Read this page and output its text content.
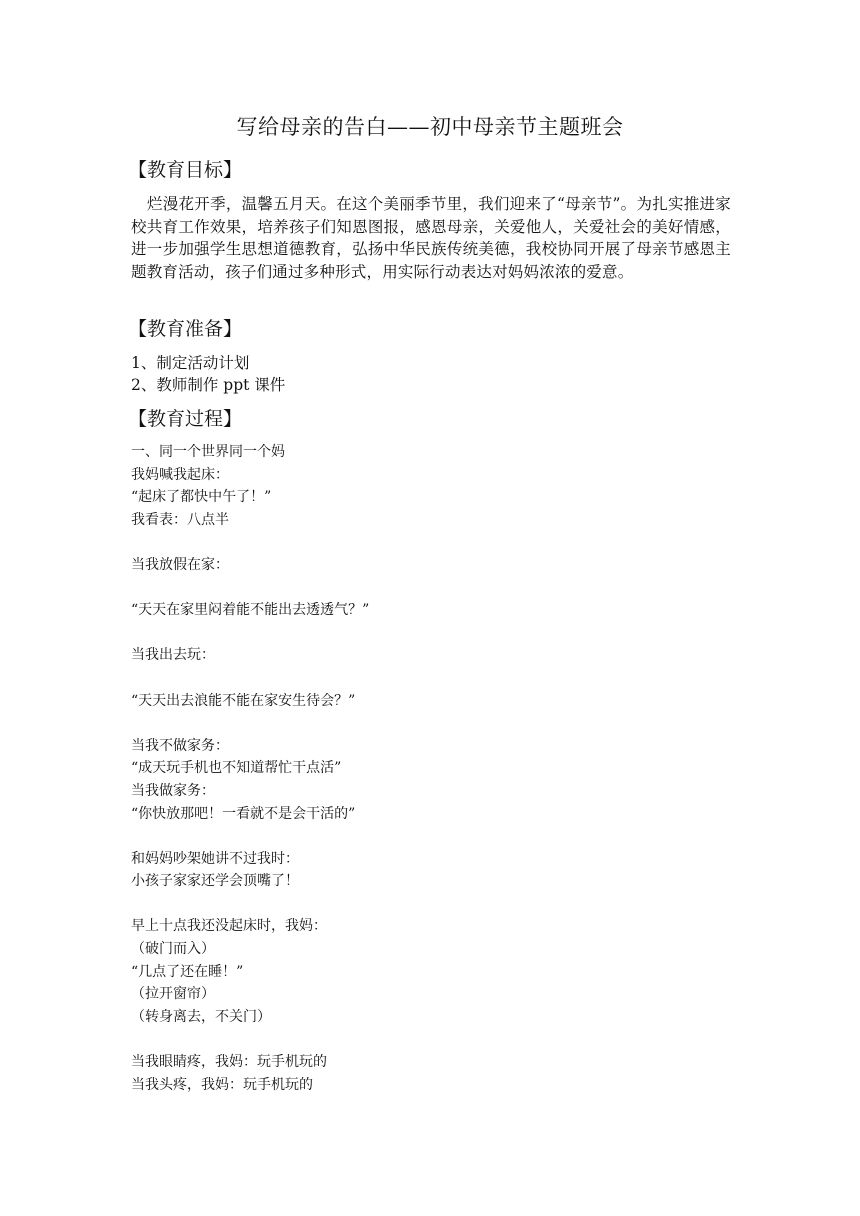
写给母亲的告白——初中母亲节主题班会
【教育目标】
烂漫花开季，温馨五月天。在这个美丽季节里，我们迎来了“母亲节”。为扎实推进家校共育工作效果，培养孩子们知恩图报，感恩母亲，关爱他人，关爱社会的美好情感，进一步加强学生思想道德教育，弘扬中华民族传统美德，我校协同开展了母亲节感恩主题教育活动，孩子们通过多种形式，用实际行动表达对妈妈浓浓的爱意。
【教育准备】
1、制定活动计划
2、教师制作 ppt 课件
【教育过程】
一、同一个世界同一个妈
我妈喊我起床：
“起床了都快中午了！”
我看表：八点半
当我放假在家：
“天天在家里闷着能不能出去透透气？”
当我出去玩：
“天天出去浪能不能在家安生待会？”
当我不做家务：
“成天玩手机也不知道帮忙干点活”
当我做家务：
“你快放那吧！一看就不是会干活的”
和妈妈吵架她讲不过我时：
小孩子家家还学会顶嘴了！
早上十点我还没起床时，我妈：
（破门而入）
“几点了还在睡！”
（拉开窗帘）
（转身离去，不关门）
当我眼睛疼，我妈：玩手机玩的
当我头疼，我妈：玩手机玩的
